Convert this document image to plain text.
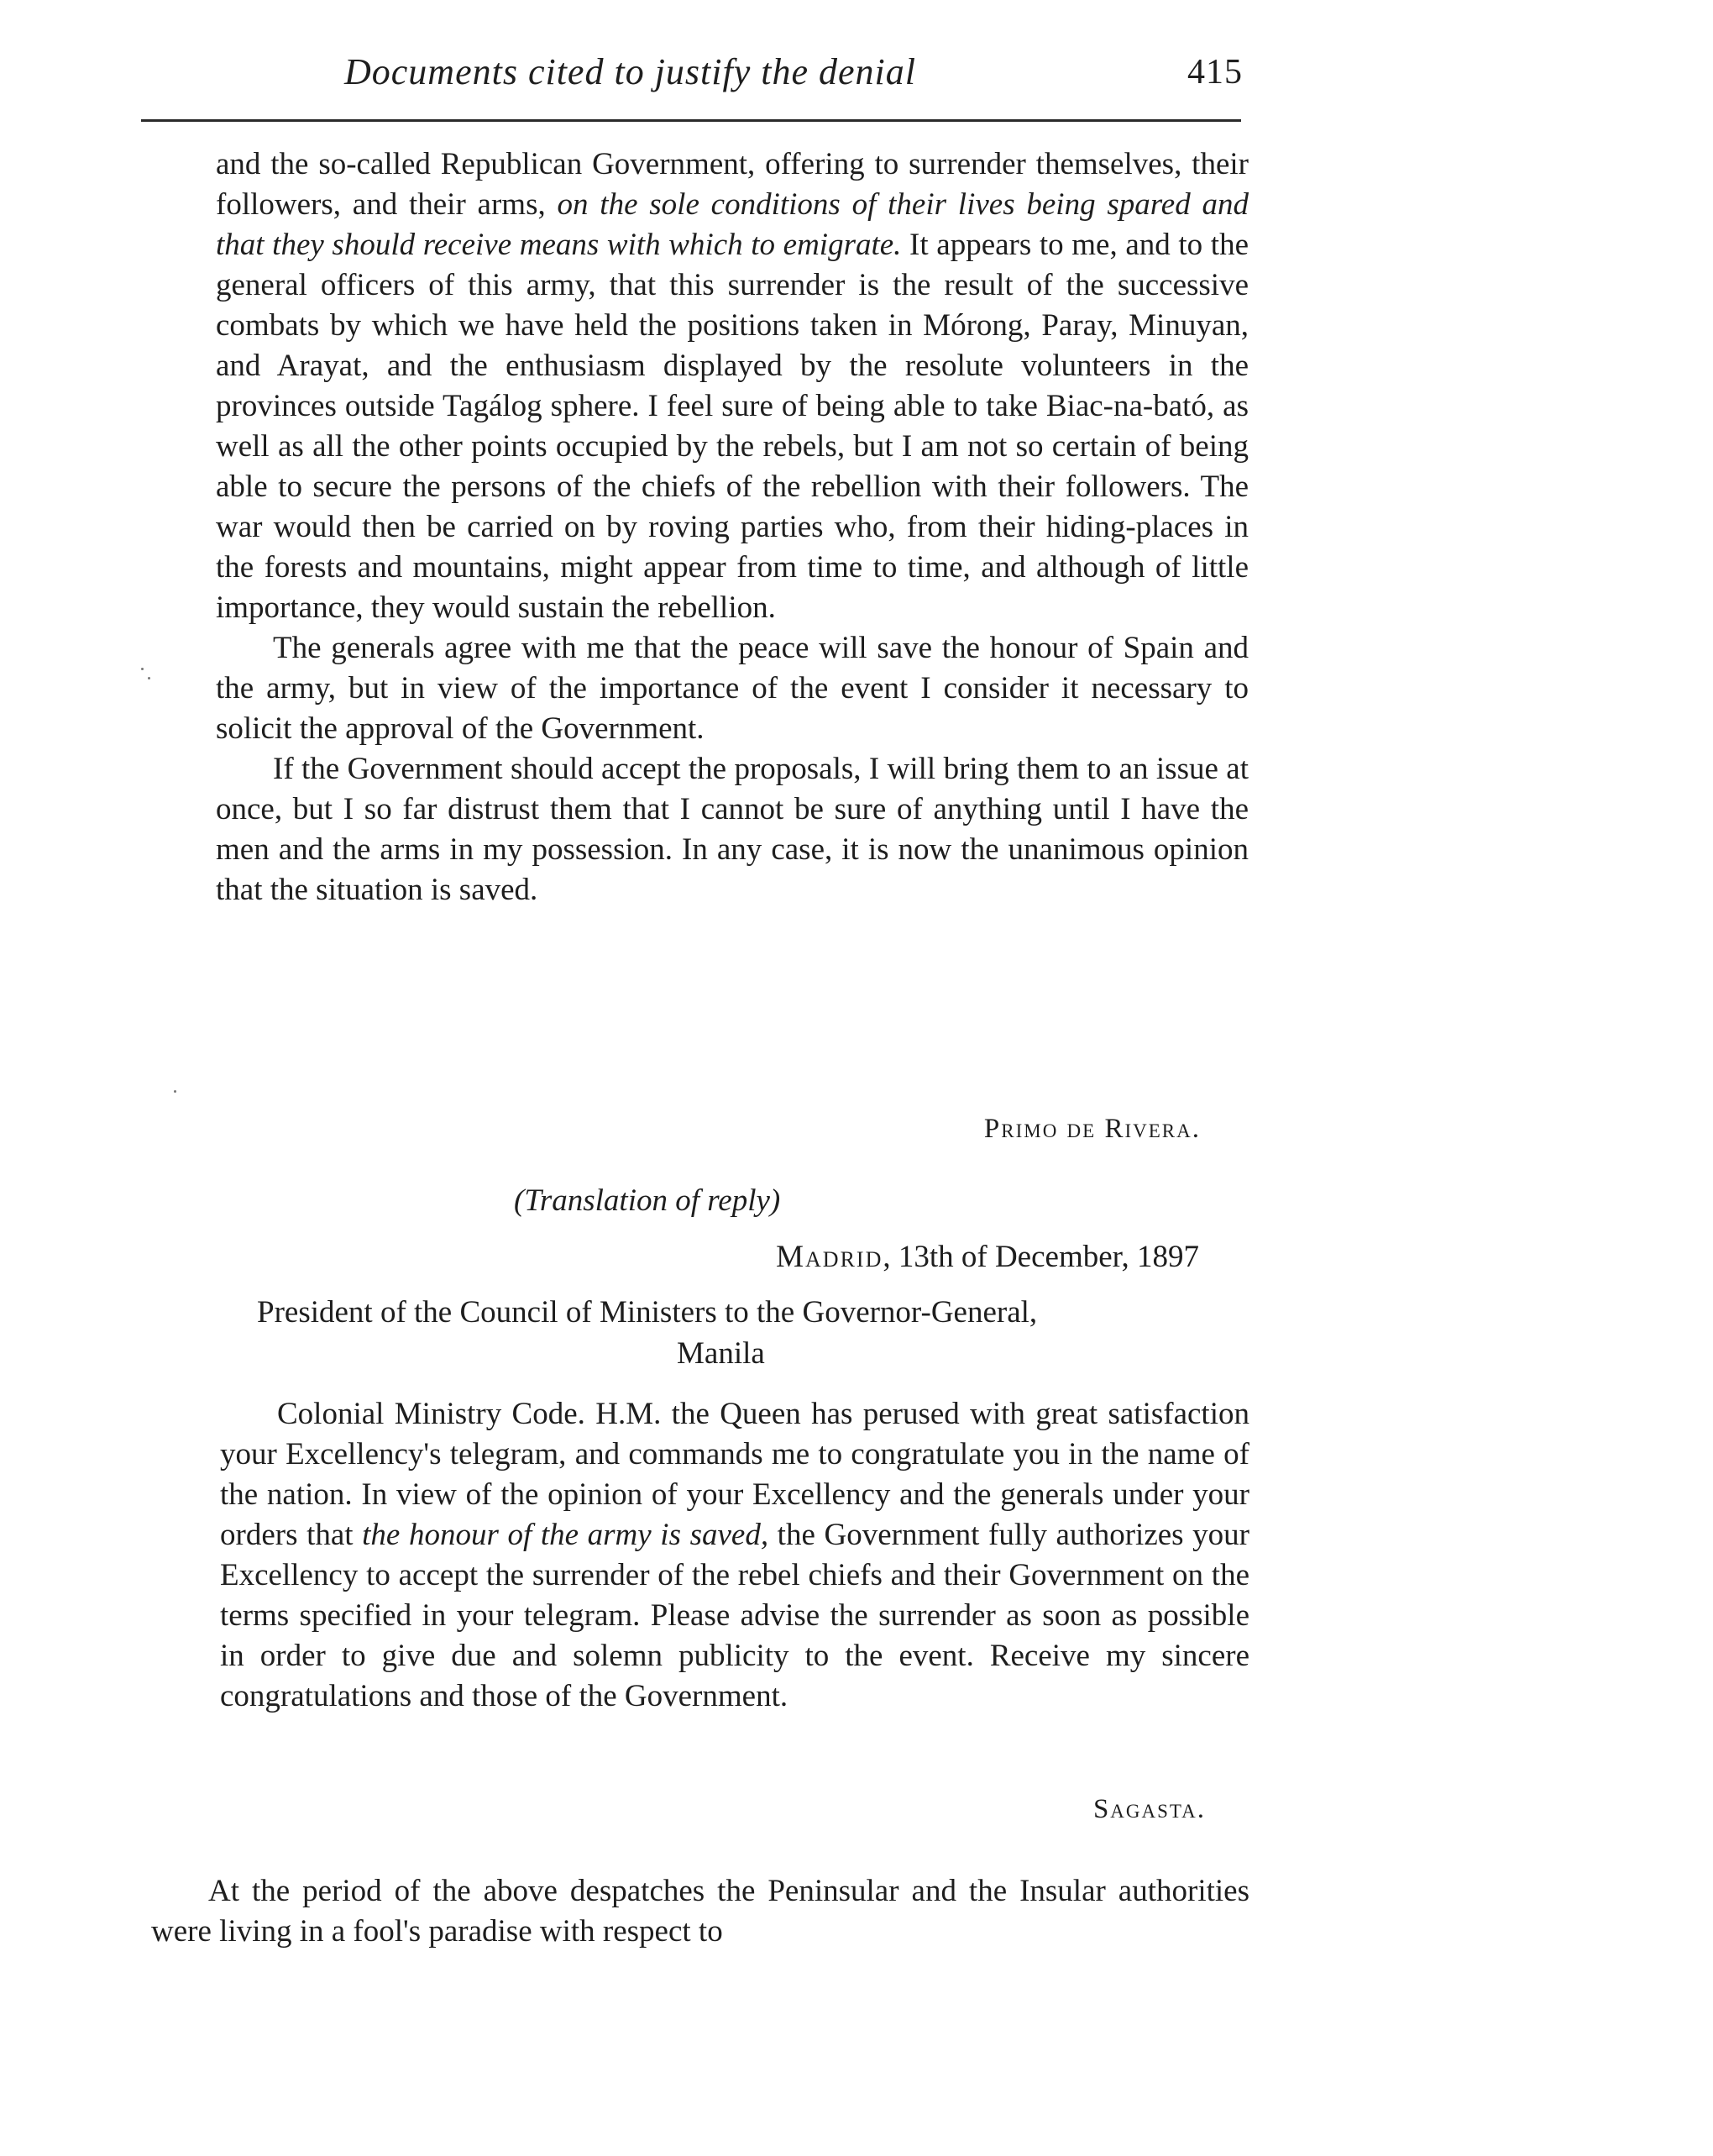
Documents cited to justify the denial	415

and the so-called Republican Government, offering to surrender themselves, their followers, and their arms, on the sole conditions of their lives being spared and that they should receive means with which to emigrate. It appears to me, and to the general officers of this army, that this surrender is the result of the successive combats by which we have held the positions taken in Mórong, Paray, Minuyan, and Arayat, and the enthusiasm displayed by the resolute volunteers in the provinces outside Tagálog sphere. I feel sure of being able to take Biac-na-bató, as well as all the other points occupied by the rebels, but I am not so certain of being able to secure the persons of the chiefs of the rebellion with their followers. The war would then be carried on by roving parties who, from their hiding-places in the forests and mountains, might appear from time to time, and although of little importance, they would sustain the rebellion.

The generals agree with me that the peace will save the honour of Spain and the army, but in view of the importance of the event I consider it necessary to solicit the approval of the Government.

If the Government should accept the proposals, I will bring them to an issue at once, but I so far distrust them that I cannot be sure of anything until I have the men and the arms in my possession. In any case, it is now the unanimous opinion that the situation is saved.

Primo de Rivera.
(Translation of reply)
Madrid, 13th of December, 1897
President of the Council of Ministers to the Governor-General,
Manila
Colonial Ministry Code. H.M. the Queen has perused with great satisfaction your Excellency's telegram, and commands me to congratulate you in the name of the nation. In view of the opinion of your Excellency and the generals under your orders that the honour of the army is saved, the Government fully authorizes your Excellency to accept the surrender of the rebel chiefs and their Government on the terms specified in your telegram. Please advise the surrender as soon as possible in order to give due and solemn publicity to the event. Receive my sincere congratulations and those of the Government.
Sagasta.
At the period of the above despatches the Peninsular and the Insular authorities were living in a fool's paradise with respect to
